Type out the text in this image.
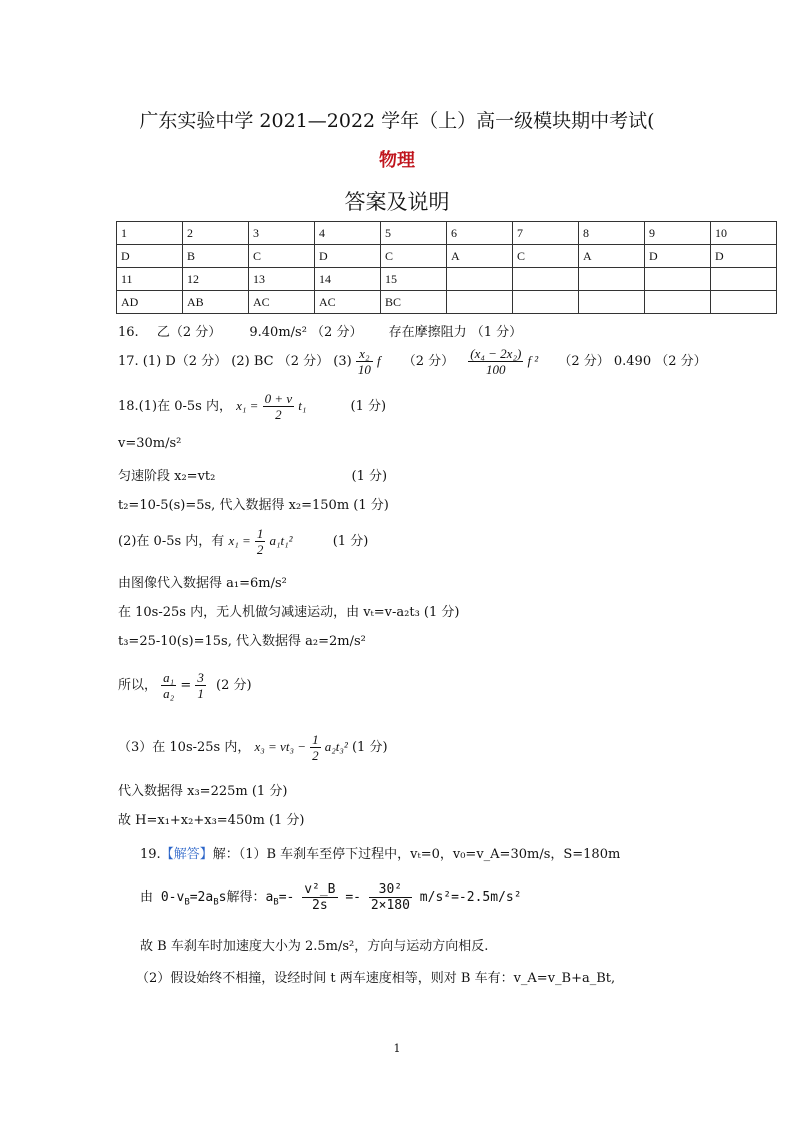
广东实验中学 2021—2022 学年（上）高一级模块期中考试(
物理
答案及说明
1	2	3	4	5	6	7	8	9	10
D	B	C	D	C	A	C	A	D	D
11	12	13	14	15					
AD	AB	AC	AC	BC					
16. 乙（2 分） 9.40m/s² （2 分） 存在摩擦阻力 （1 分）
17. (1) D（2 分） (2) BC （2 分） $(3) \frac{\text{x₂}}{10}$ f （2 分） $\frac{\text{(x₄ − 2x₂)}}{100}$ f ² （2 分） 0.490 （2 分）
18.(1)在 0-5s 内， $x_1 = \frac{0 + v}{2} t_1$	(1 分)
v=30m/s²
匀速阶段 x₂=vt₂	(1 分)
t₂=10-5(s)=5s, 代入数据得 x₂=150m (1 分)
(2)在 0-5s 内，有 $x_1 = \frac{1}{2} a_1t_1^2$	(1 分)
由图像代入数据得 a₁=6m/s²
在 10s-25s 内，无人机做匀减速运动，由 vₜ=v-a₂t₃ (1 分)
t₃=25-10(s)=15s, 代入数据得 a₂=2m/s²
所以， $\frac{\text{a₁}}{\text{a₂}} = \frac{3}{1} (2$ 分)
（3）在 10s-25s 内， $x_3 = vt_3 - \frac{1}{2} a_2t_3^2$ (1 分)
代入数据得 x₃=225m (1 分)
故 H=x₁+x₂+x₃=450m (1 分)
19.【解答】解：（1）B 车刹车至停下过程中，vₜ=0，v₀=v_A=30m/s，S=180m
由 $0-v_B=2a_Bs$解得：$a_B=- \frac{\text{v²\_B}}{2s} =- \frac{\text{30²}}{2\times 180} m/s^2=-2.5m/s^2$
故 B 车刹车时加速度大小为 2.5m/s²，方向与运动方向相反.
（2）假设始终不相撞，设经时间 t 两车速度相等，则对 B 车有：v_A=v_B+a_Bt,
1
